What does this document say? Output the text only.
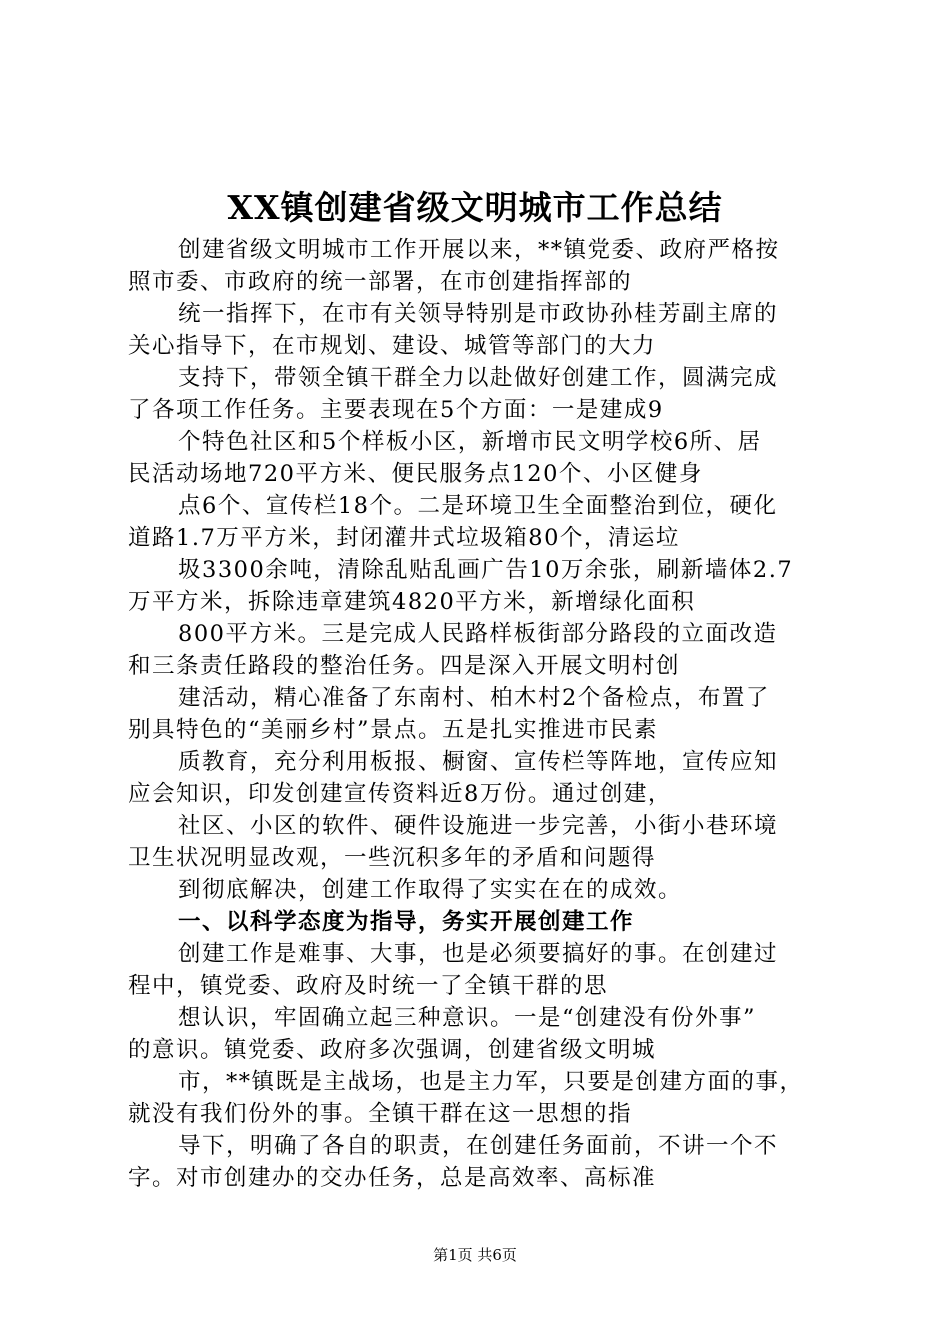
XX镇创建省级文明城市工作总结
创建省级文明城市工作开展以来，**镇党委、政府严格按
照市委、市政府的统一部署，在市创建指挥部的
统一指挥下，在市有关领导特别是市政协孙桂芳副主席的
关心指导下，在市规划、建设、城管等部门的大力
支持下，带领全镇干群全力以赴做好创建工作，圆满完成
了各项工作任务。主要表现在5个方面：一是建成9
个特色社区和5个样板小区，新增市民文明学校6所、居
民活动场地720平方米、便民服务点120个、小区健身
点6个、宣传栏18个。二是环境卫生全面整治到位，硬化
道路1.7万平方米，封闭灌井式垃圾箱80个，清运垃
圾3300余吨，清除乱贴乱画广告10万余张，刷新墙体2.7
万平方米，拆除违章建筑4820平方米，新增绿化面积
800平方米。三是完成人民路样板街部分路段的立面改造
和三条责任路段的整治任务。四是深入开展文明村创
建活动，精心准备了东南村、柏木村2个备检点，布置了
别具特色的“美丽乡村”景点。五是扎实推进市民素
质教育，充分利用板报、橱窗、宣传栏等阵地，宣传应知
应会知识，印发创建宣传资料近8万份。通过创建，
社区、小区的软件、硬件设施进一步完善，小街小巷环境
卫生状况明显改观，一些沉积多年的矛盾和问题得
到彻底解决，创建工作取得了实实在在的成效。
一、以科学态度为指导，务实开展创建工作
创建工作是难事、大事，也是必须要搞好的事。在创建过
程中，镇党委、政府及时统一了全镇干群的思
想认识，牢固确立起三种意识。一是“创建没有份外事”
的意识。镇党委、政府多次强调，创建省级文明城
市，**镇既是主战场，也是主力军，只要是创建方面的事，
就没有我们份外的事。全镇干群在这一思想的指
导下，明确了各自的职责，在创建任务面前，不讲一个不
字。对市创建办的交办任务，总是高效率、高标准
第1页 共6页
